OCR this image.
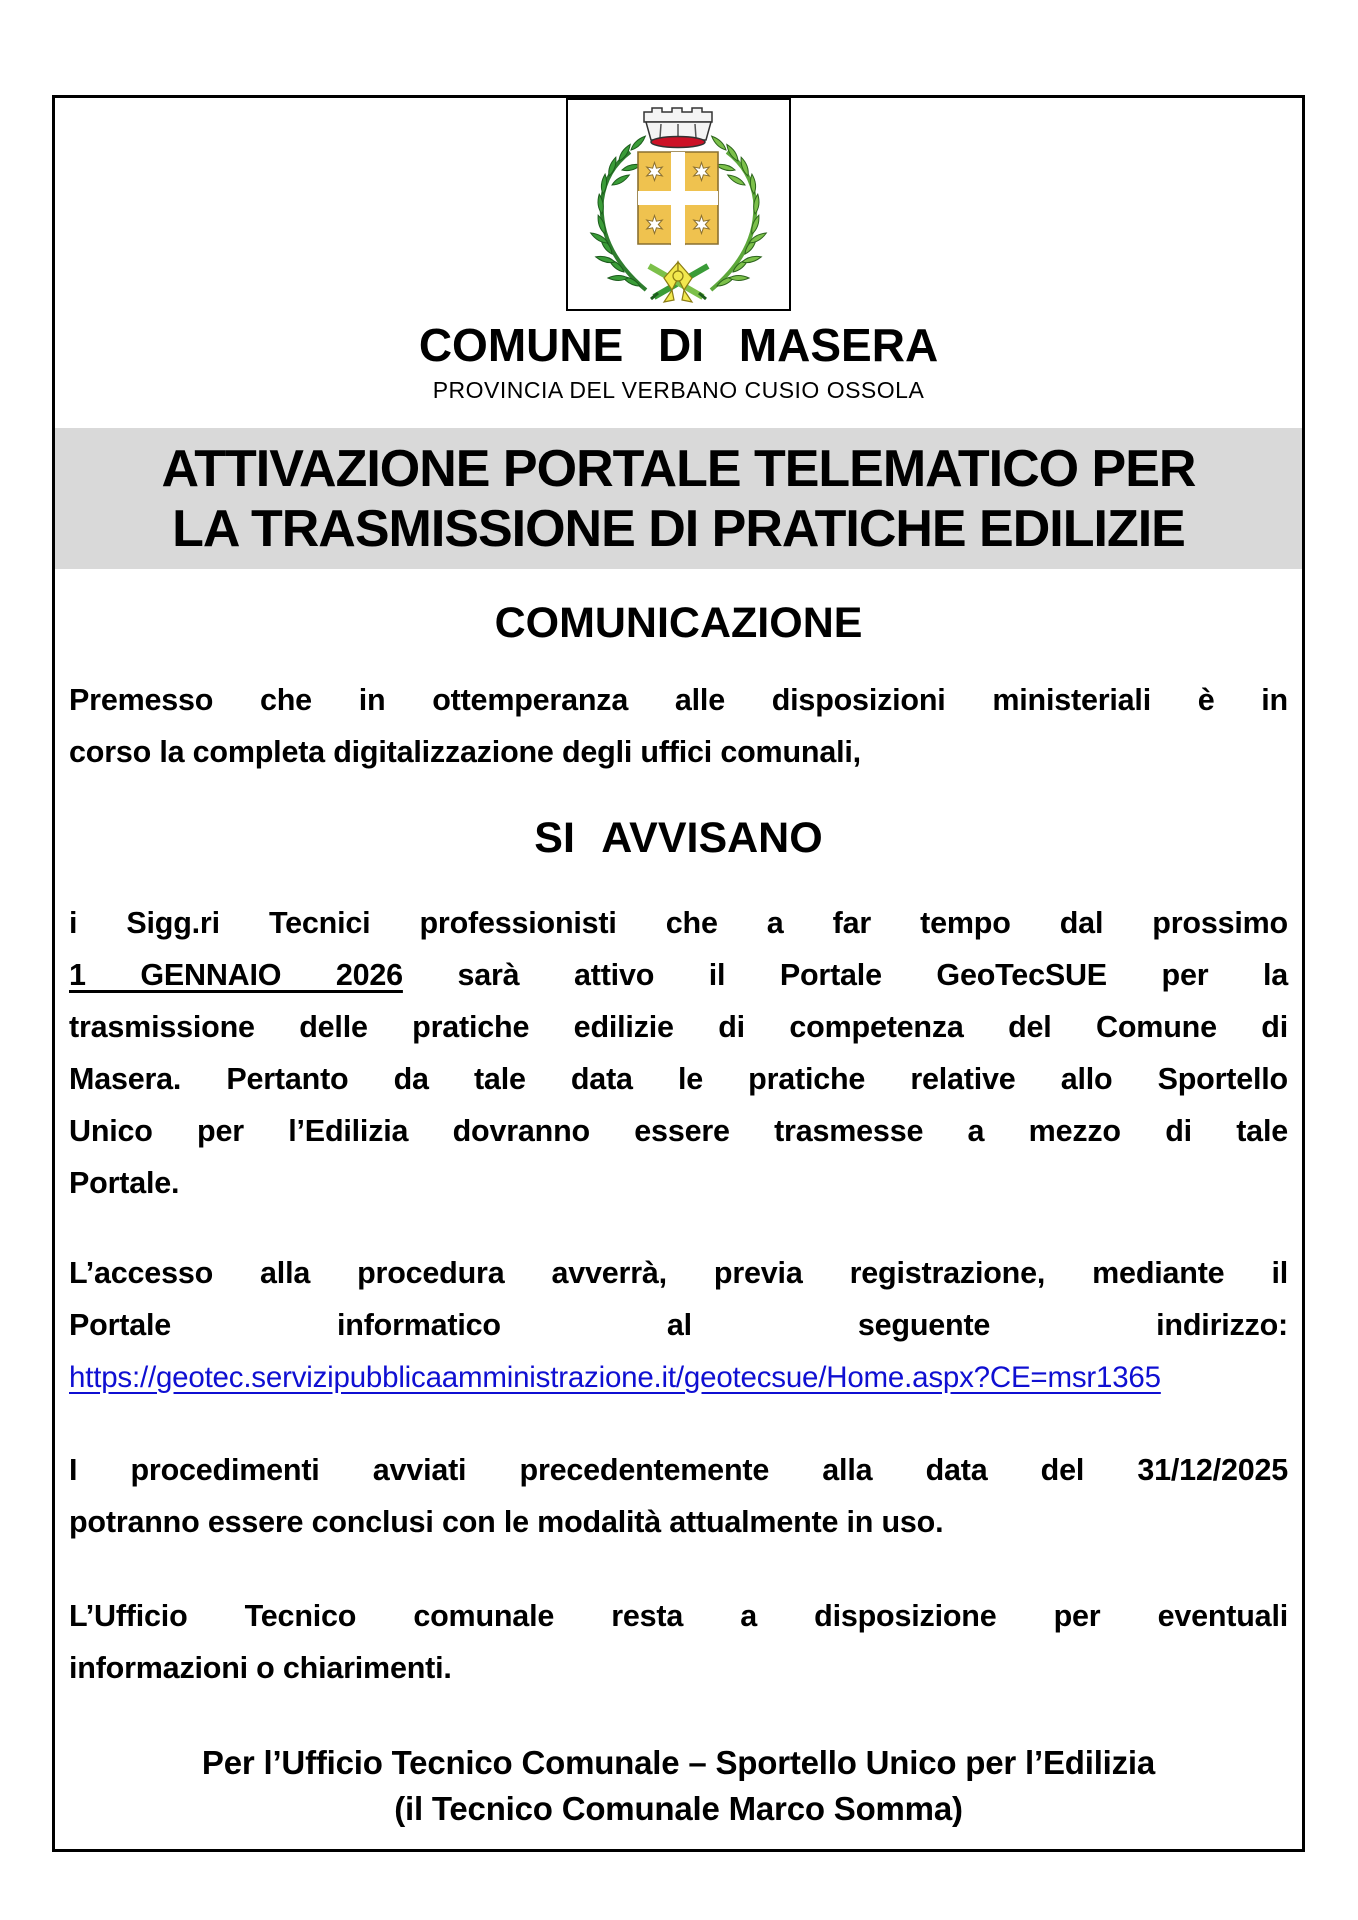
COMUNE DI MASERA
PROVINCIA DEL VERBANO CUSIO OSSOLA
ATTIVAZIONE PORTALE TELEMATICO PER
LA TRASMISSIONE DI PRATICHE EDILIZIE
COMUNICAZIONE
Premesso che in ottemperanza alle disposizioni ministeriali è in
corso la completa digitalizzazione degli uffici comunali,
SI AVVISANO
i Sigg.ri Tecnici professionisti che a far tempo dal prossimo
1 GENNAIO 2026 sarà attivo il Portale GeoTecSUE per la
trasmissione delle pratiche edilizie di competenza del Comune di
Masera. Pertanto da tale data le pratiche relative allo Sportello
Unico per l’Edilizia dovranno essere trasmesse a mezzo di tale
Portale.
L’accesso alla procedura avverrà, previa registrazione, mediante il
Portale informatico al seguente indirizzo:
https://geotec.servizipubblicaamministrazione.it/geotecsue/Home.aspx?CE=msr1365
I procedimenti avviati precedentemente alla data del 31/12/2025
potranno essere conclusi con le modalità attualmente in uso.
L’Ufficio Tecnico comunale resta a disposizione per eventuali
informazioni o chiarimenti.
Per l’Ufficio Tecnico Comunale – Sportello Unico per l’Edilizia
(il Tecnico Comunale Marco Somma)
